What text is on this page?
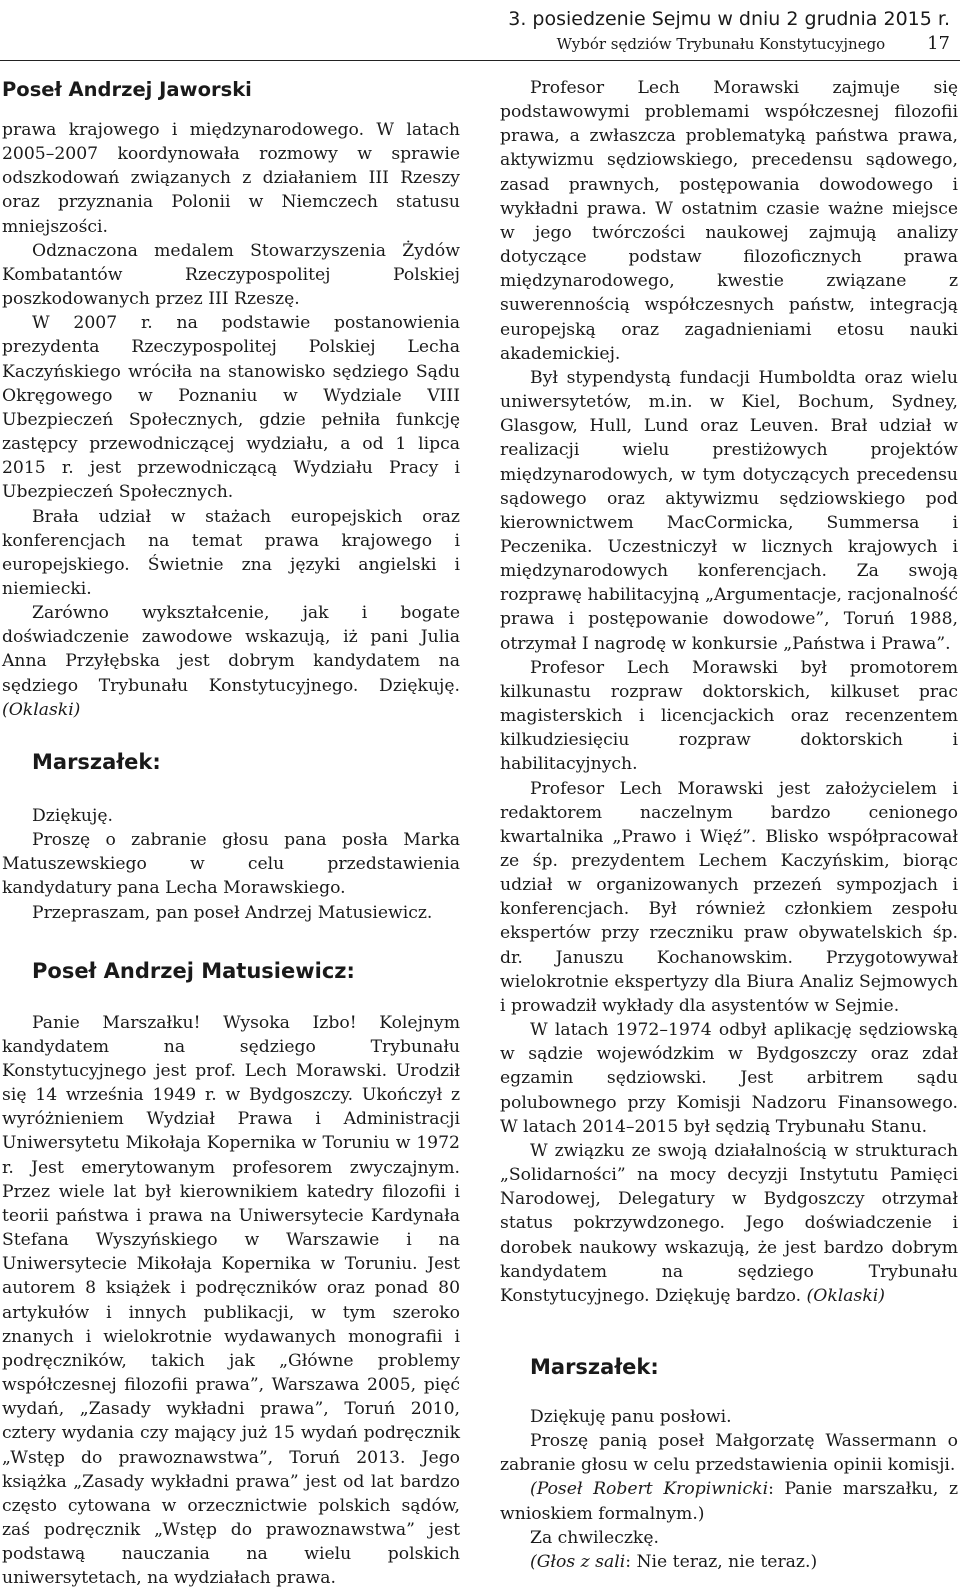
3. posiedzenie Sejmu w dniu 2 grudnia 2015 r.
Wybór sędziów Trybunału Konstytucyjnego 17
Poseł Andrzej Jaworski

prawa krajowego i międzynarodowego. W latach 2005–2007 koordynowała rozmowy w sprawie odszkodowań związanych z działaniem III Rzeszy oraz przyznania Polonii w Niemczech statusu mniejszości.

Odznaczona medalem Stowarzyszenia Żydów Kombatantów Rzeczypospolitej Polskiej poszkodowanych przez III Rzeszę.

W 2007 r. na podstawie postanowienia prezydenta Rzeczypospolitej Polskiej Lecha Kaczyńskiego wróciła na stanowisko sędziego Sądu Okręgowego w Poznaniu w Wydziale VIII Ubezpieczeń Społecznych, gdzie pełniła funkcję zastępcy przewodniczącej wydziału, a od 1 lipca 2015 r. jest przewodniczącą Wydziału Pracy i Ubezpieczeń Społecznych.

Brała udział w stażach europejskich oraz konferencjach na temat prawa krajowego i europejskiego. Świetnie zna języki angielski i niemiecki.

Zarówno wykształcenie, jak i bogate doświadczenie zawodowe wskazują, iż pani Julia Anna Przyłębska jest dobrym kandydatem na sędziego Trybunału Konstytucyjnego. Dziękuję. (Oklaski)

Marszałek:

Dziękuję.

Proszę o zabranie głosu pana posła Marka Matuszewskiego w celu przedstawienia kandydatury pana Lecha Morawskiego.

Przepraszam, pan poseł Andrzej Matusiewicz.

Poseł Andrzej Matusiewicz:

Panie Marszałku! Wysoka Izbo! Kolejnym kandydatem na sędziego Trybunału Konstytucyjnego jest prof. Lech Morawski. Urodził się 14 września 1949 r. w Bydgoszczy. Ukończył z wyróżnieniem Wydział Prawa i Administracji Uniwersytetu Mikołaja Kopernika w Toruniu w 1972 r. Jest emerytowanym profesorem zwyczajnym. Przez wiele lat był kierownikiem katedry filozofii i teorii państwa i prawa na Uniwersytecie Kardynała Stefana Wyszyńskiego w Warszawie i na Uniwersytecie Mikołaja Kopernika w Toruniu. Jest autorem 8 książek i podręczników oraz ponad 80 artykułów i innych publikacji, w tym szeroko znanych i wielokrotnie wydawanych monografii i podręczników, takich jak „Główne problemy współczesnej filozofii prawa”, Warszawa 2005, pięć wydań, „Zasady wykładni prawa”, Toruń 2010, cztery wydania czy mający już 15 wydań podręcznik „Wstęp do prawoznawstwa”, Toruń 2013. Jego książka „Zasady wykładni prawa” jest od lat bardzo często cytowana w orzecznictwie polskich sądów, zaś podręcznik „Wstęp do prawoznawstwa” jest podstawą nauczania na wielu polskich uniwersytetach, na wydziałach prawa.

Profesor Lech Morawski zajmuje się podstawowymi problemami współczesnej filozofii prawa, a zwłaszcza problematyką państwa prawa, aktywizmu sędziowskiego, precedensu sądowego, zasad prawnych, postępowania dowodowego i wykładni prawa. W ostatnim czasie ważne miejsce w jego twórczości naukowej zajmują analizy dotyczące podstaw filozoficznych prawa międzynarodowego, kwestie związane z suwerennością współczesnych państw, integracją europejską oraz zagadnieniami etosu nauki akademickiej.

Był stypendystą fundacji Humboldta oraz wielu uniwersytetów, m.in. w Kiel, Bochum, Sydney, Glasgow, Hull, Lund oraz Leuven. Brał udział w realizacji wielu prestiżowych projektów międzynarodowych, w tym dotyczących precedensu sądowego oraz aktywizmu sędziowskiego pod kierownictwem MacCormicka, Summersa i Peczenika. Uczestniczył w licznych krajowych i międzynarodowych konferencjach. Za swoją rozprawę habilitacyjną „Argumentacje, racjonalność prawa i postępowanie dowodowe”, Toruń 1988, otrzymał I nagrodę w konkursie „Państwa i Prawa”.

Profesor Lech Morawski był promotorem kilkunastu rozpraw doktorskich, kilkuset prac magisterskich i licencjackich oraz recenzentem kilkudziesięciu rozpraw doktorskich i habilitacyjnych.

Profesor Lech Morawski jest założycielem i redaktorem naczelnym bardzo cenionego kwartalnika „Prawo i Więź”. Blisko współpracował ze śp. prezydentem Lechem Kaczyńskim, biorąc udział w organizowanych przezeń sympozjach i konferencjach. Był również członkiem zespołu ekspertów przy rzeczniku praw obywatelskich śp. dr. Januszu Kochanowskim. Przygotowywał wielokrotnie ekspertyzy dla Biura Analiz Sejmowych i prowadził wykłady dla asystentów w Sejmie.

W latach 1972–1974 odbył aplikację sędziowską w sądzie wojewódzkim w Bydgoszczy oraz zdał egzamin sędziowski. Jest arbitrem sądu polubownego przy Komisji Nadzoru Finansowego. W latach 2014–2015 był sędzią Trybunału Stanu.

W związku ze swoją działalnością w strukturach „Solidarności” na mocy decyzji Instytutu Pamięci Narodowej, Delegatury w Bydgoszczy otrzymał status pokrzywdzonego. Jego doświadczenie i dorobek naukowy wskazują, że jest bardzo dobrym kandydatem na sędziego Trybunału Konstytucyjnego. Dziękuję bardzo. (Oklaski)

Marszałek:

Dziękuję panu posłowi.

Proszę panią poseł Małgorzatę Wassermann o zabranie głosu w celu przedstawienia opinii komisji.

(Poseł Robert Kropiwnicki: Panie marszałku, z wnioskiem formalnym.)

Za chwileczkę.

(Głos z sali: Nie teraz, nie teraz.)
